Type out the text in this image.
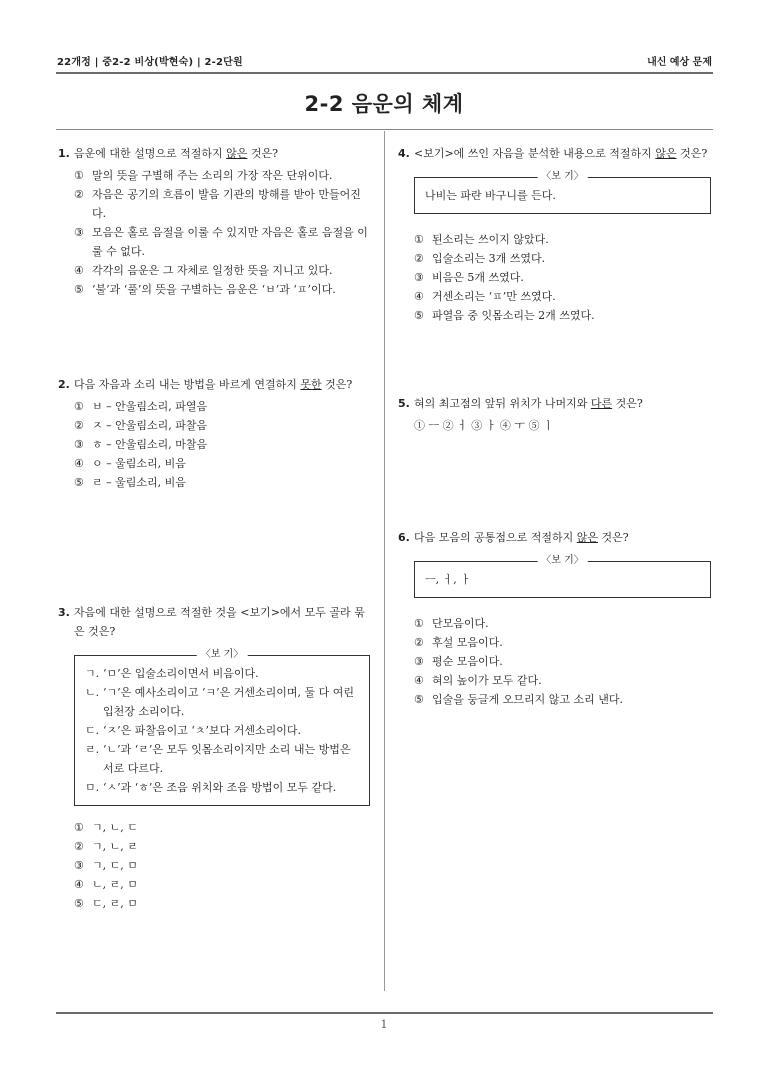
22개정 | 중2-2 비상(박현숙) | 2-2단원	내신 예상 문제
2-2 음운의 체계
1. 음운에 대한 설명으로 적절하지 않은 것은?
① 말의 뜻을 구별해 주는 소리의 가장 작은 단위이다.
② 자음은 공기의 흐름이 발음 기관의 방해를 받아 만들어진다.
③ 모음은 홀로 음절을 이룰 수 있지만 자음은 홀로 음절을 이룰 수 없다.
④ 각각의 음운은 그 자체로 일정한 뜻을 지니고 있다.
⑤ ‘불’과 ‘풀’의 뜻을 구별하는 음운은 ‘ㅂ’과 ‘ㅍ’이다.
2. 다음 자음과 소리 내는 방법을 바르게 연결하지 못한 것은?
① ㅂ – 안울림소리, 파열음
② ㅈ – 안울림소리, 파찰음
③ ㅎ – 안울림소리, 마찰음
④ ㅇ – 울림소리, 비음
⑤ ㄹ – 울림소리, 비음
3. 자음에 대한 설명으로 적절한 것을 <보기>에서 모두 골라 묶은 것은?
〈보 기〉
ㄱ. ‘ㅁ’은 입술소리이면서 비음이다.
ㄴ. ‘ㄱ’은 예사소리이고 ‘ㅋ’은 거센소리이며, 둘 다 여린입천장 소리이다.
ㄷ. ‘ㅈ’은 파찰음이고 ‘ㅊ’보다 거센소리이다.
ㄹ. ‘ㄴ’과 ‘ㄹ’은 모두 잇몸소리이지만 소리 내는 방법은 서로 다르다.
ㅁ. ‘ㅅ’과 ‘ㅎ’은 조음 위치와 조음 방법이 모두 같다.
① ㄱ, ㄴ, ㄷ
② ㄱ, ㄴ, ㄹ
③ ㄱ, ㄷ, ㅁ
④ ㄴ, ㄹ, ㅁ
⑤ ㄷ, ㄹ, ㅁ
4. <보기>에 쓰인 자음을 분석한 내용으로 적절하지 않은 것은?
〈보 기〉
나비는 파란 바구니를 든다.
① 된소리는 쓰이지 않았다.
② 입술소리는 3개 쓰였다.
③ 비음은 5개 쓰였다.
④ 거센소리는 ‘ㅍ’만 쓰였다.
⑤ 파열음 중 잇몸소리는 2개 쓰였다.
5. 혀의 최고점의 앞뒤 위치가 나머지와 다른 것은?
① ㅡ ② ㅓ ③ ㅏ ④ ㅜ ⑤ ㅣ
6. 다음 모음의 공통점으로 적절하지 않은 것은?
〈보 기〉
ㅡ, ㅓ, ㅏ
① 단모음이다.
② 후설 모음이다.
③ 평순 모음이다.
④ 혀의 높이가 모두 같다.
⑤ 입술을 둥글게 오므리지 않고 소리 낸다.
1
